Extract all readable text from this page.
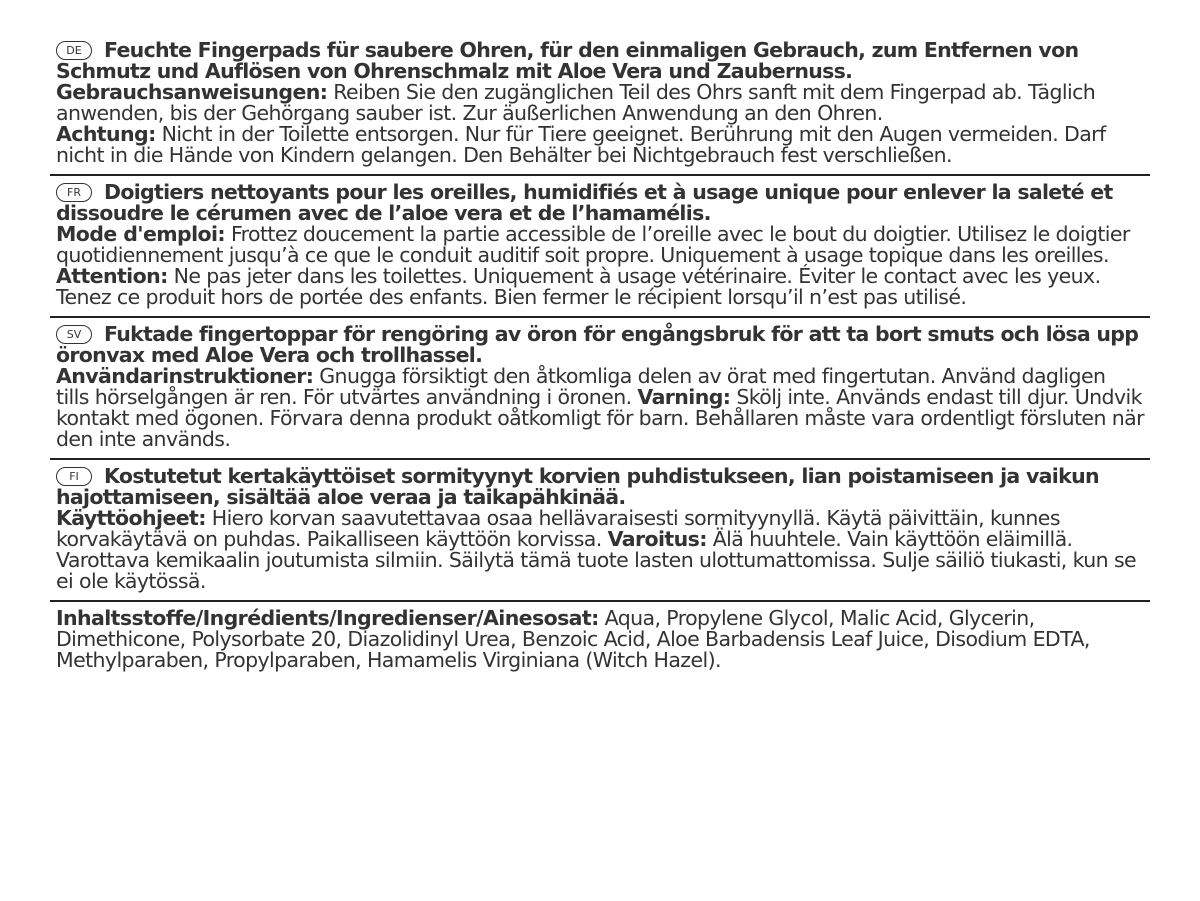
DE Feuchte Fingerpads für saubere Ohren, für den einmaligen Gebrauch, zum Entfernen von Schmutz und Auflösen von Ohrenschmalz mit Aloe Vera und Zaubernuss.

Gebrauchsanweisungen: Reiben Sie den zugänglichen Teil des Ohrs sanft mit dem Fingerpad ab. Täglich anwenden, bis der Gehörgang sauber ist. Zur äußerlichen Anwendung an den Ohren.

Achtung: Nicht in der Toilette entsorgen. Nur für Tiere geeignet. Berührung mit den Augen vermeiden. Darf nicht in die Hände von Kindern gelangen. Den Behälter bei Nichtgebrauch fest verschließen.

FR Doigtiers nettoyants pour les oreilles, humidifiés et à usage unique pour enlever la saleté et dissoudre le cérumen avec de l’aloe vera et de l’hamamélis.

Mode d'emploi: Frottez doucement la partie accessible de l’oreille avec le bout du doigtier. Utilisez le doigtier quotidiennement jusqu’à ce que le conduit auditif soit propre. Uniquement à usage topique dans les oreilles. Attention: Ne pas jeter dans les toilettes. Uniquement à usage vétérinaire. Éviter le contact avec les yeux. Tenez ce produit hors de portée des enfants. Bien fermer le récipient lorsqu’il n’est pas utilisé.

SV Fuktade fingertoppar för rengöring av öron för engångsbruk för att ta bort smuts och lösa upp öronvax med Aloe Vera och trollhassel.

Användarinstruktioner: Gnugga försiktigt den åtkomliga delen av örat med fingertutan. Använd dagligen tills hörselgången är ren. För utvärtes användning i öronen. Varning: Skölj inte. Används endast till djur. Undvik kontakt med ögonen. Förvara denna produkt oåtkomligt för barn. Behållaren måste vara ordentligt försluten när den inte används.

FI Kostutetut kertakäyttöiset sormityynyt korvien puhdistukseen, lian poistamiseen ja vaikun hajottamiseen, sisältää aloe veraa ja taikapähkinää.

Käyttöohjeet: Hiero korvan saavutettavaa osaa hellävaraisesti sormityynyllä. Käytä päivittäin, kunnes korvakäytävä on puhdas. Paikalliseen käyttöön korvissa. Varoitus: Älä huuhtele. Vain käyttöön eläimillä. Varottava kemikaalin joutumista silmiin. Säilytä tämä tuote lasten ulottumattomissa. Sulje säiliö tiukasti, kun se ei ole käytössä.

Inhaltsstoffe/Ingrédients/Ingredienser/Ainesosat: Aqua, Propylene Glycol, Malic Acid, Glycerin, Dimethicone, Polysorbate 20, Diazolidinyl Urea, Benzoic Acid, Aloe Barbadensis Leaf Juice, Disodium EDTA, Methylparaben, Propylparaben, Hamamelis Virginiana (Witch Hazel).
